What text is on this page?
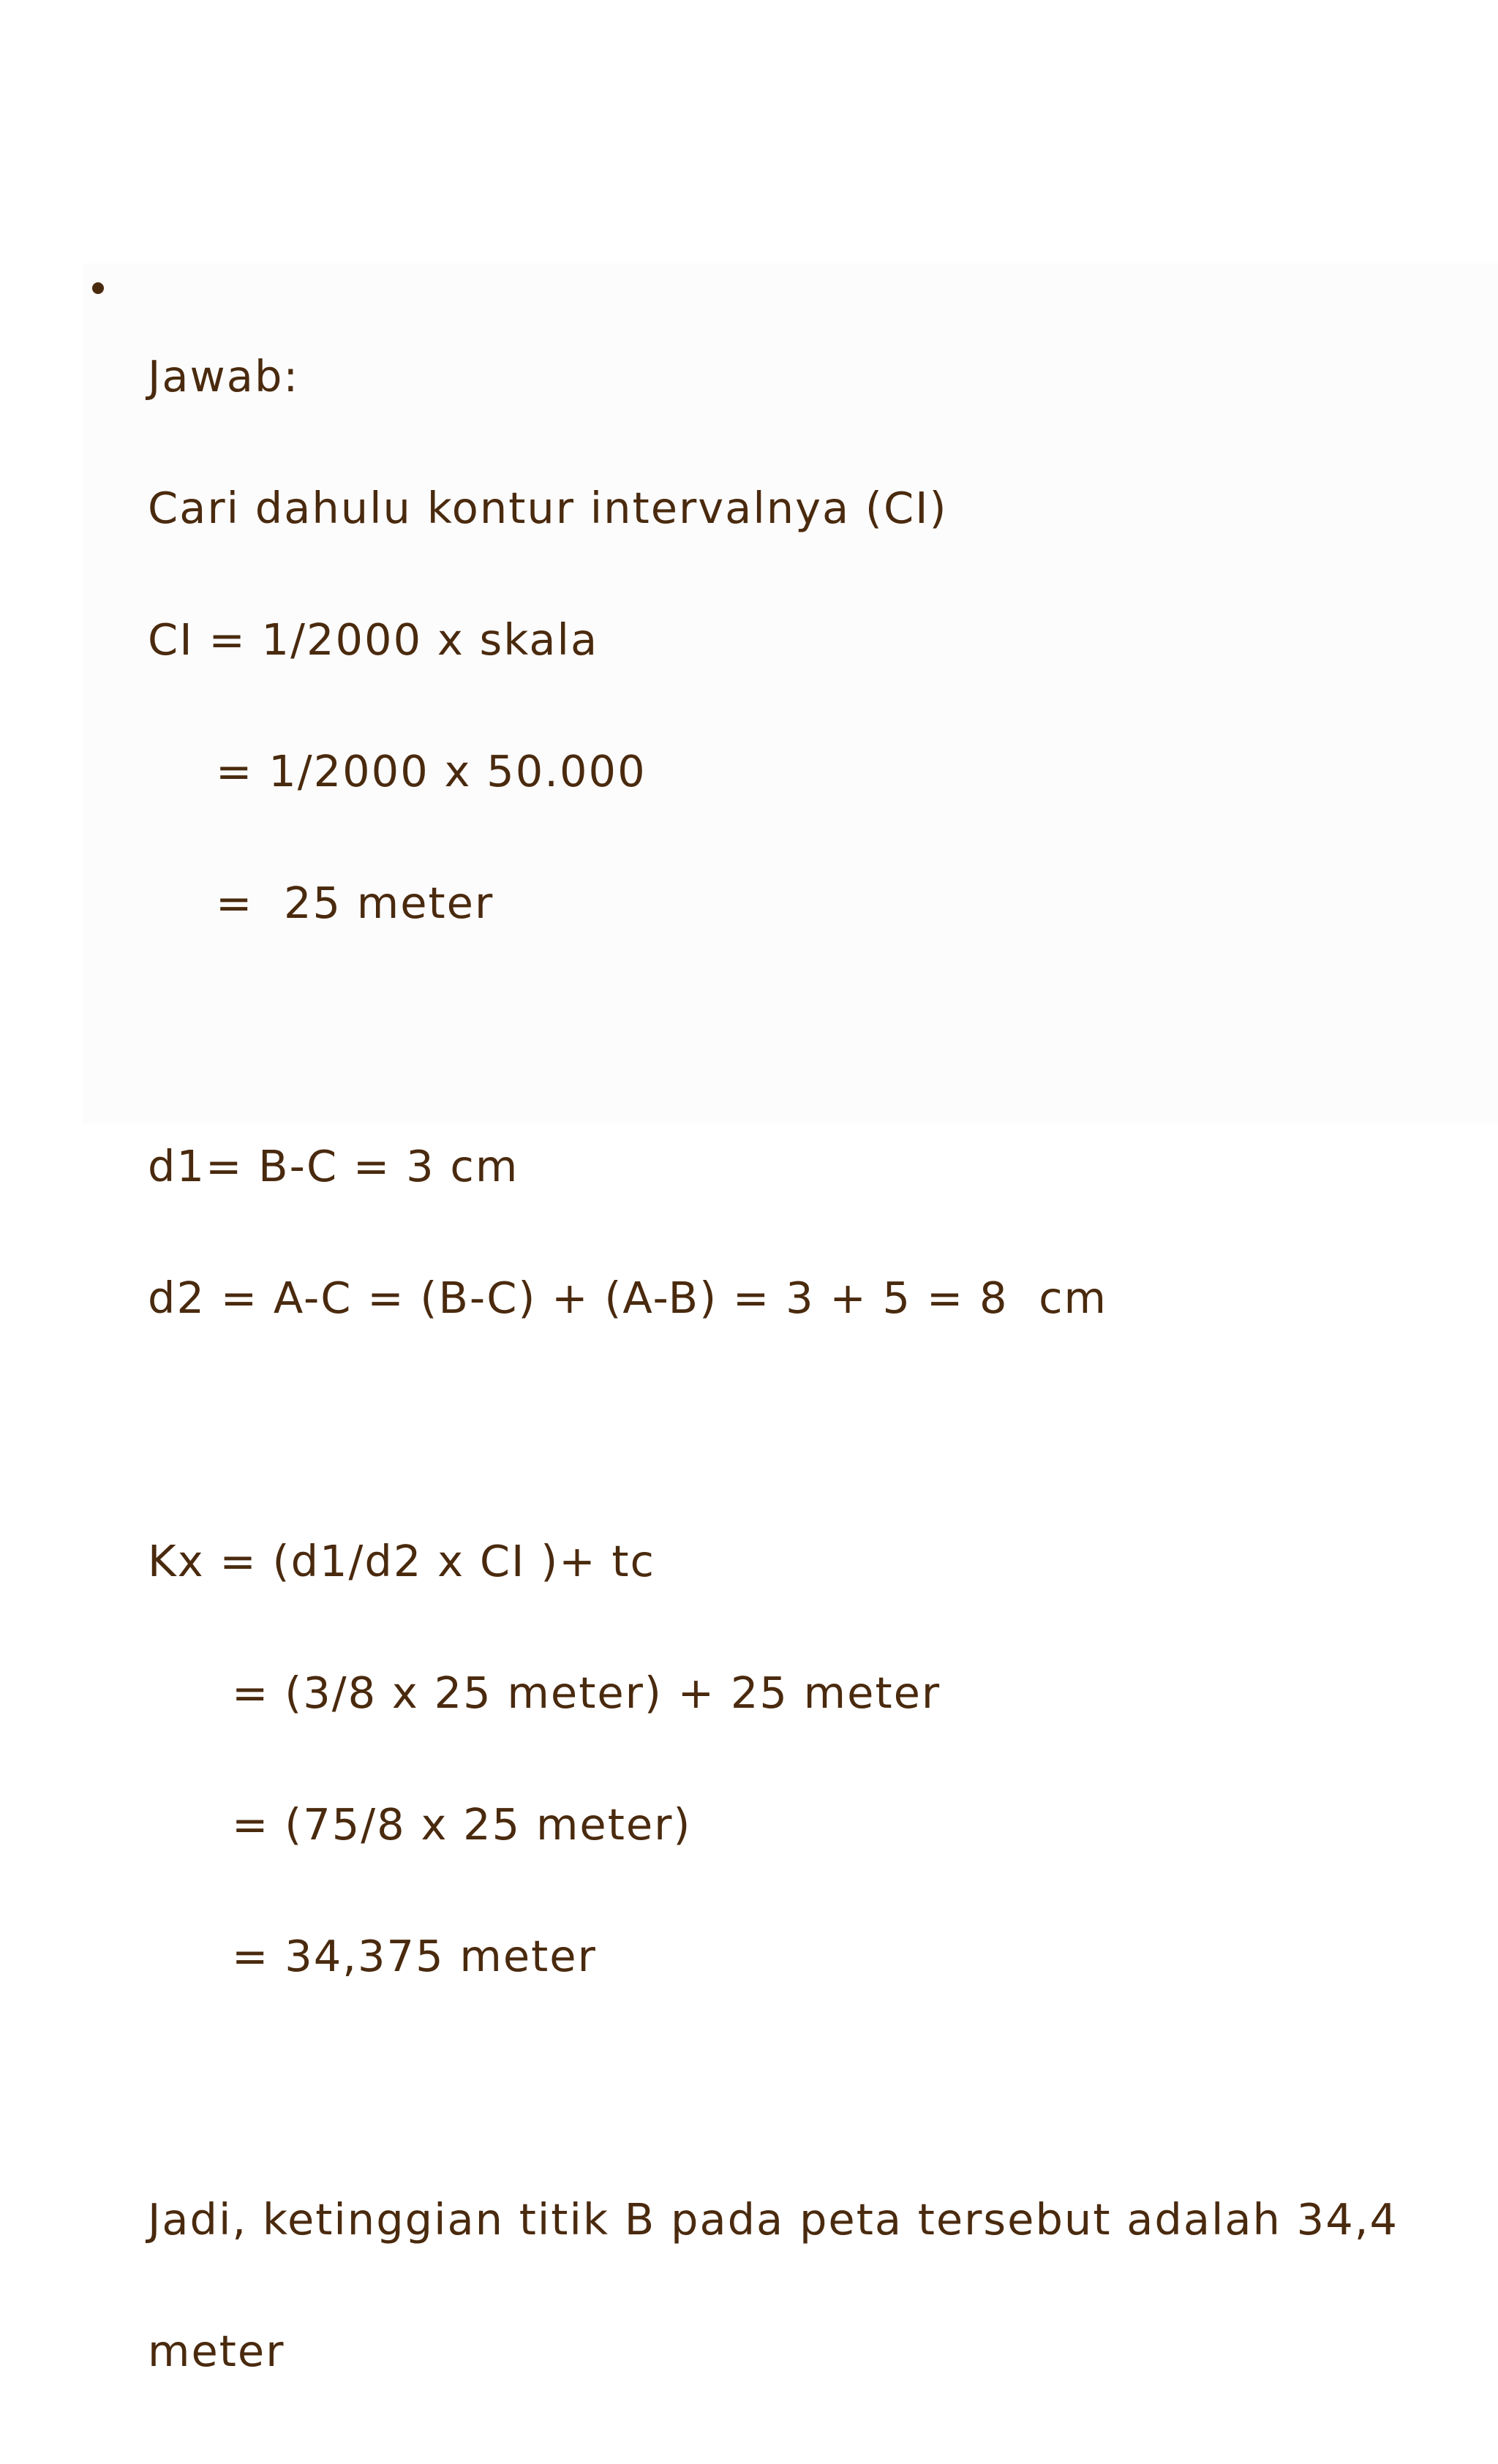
Jawab:

Cari dahulu kontur intervalnya (CI)

CI = 1/2000 x skala

= 1/2000 x 50.000

=  25 meter

d1= B-C = 3 cm

d2 = A-C = (B-C) + (A-B) = 3 + 5 = 8  cm

Kx = (d1/d2 x CI )+ tc

= (3/8 x 25 meter) + 25 meter

= (75/8 x 25 meter)

= 34,375 meter

Jadi, ketinggian titik B pada peta tersebut adalah 34,4

meter
